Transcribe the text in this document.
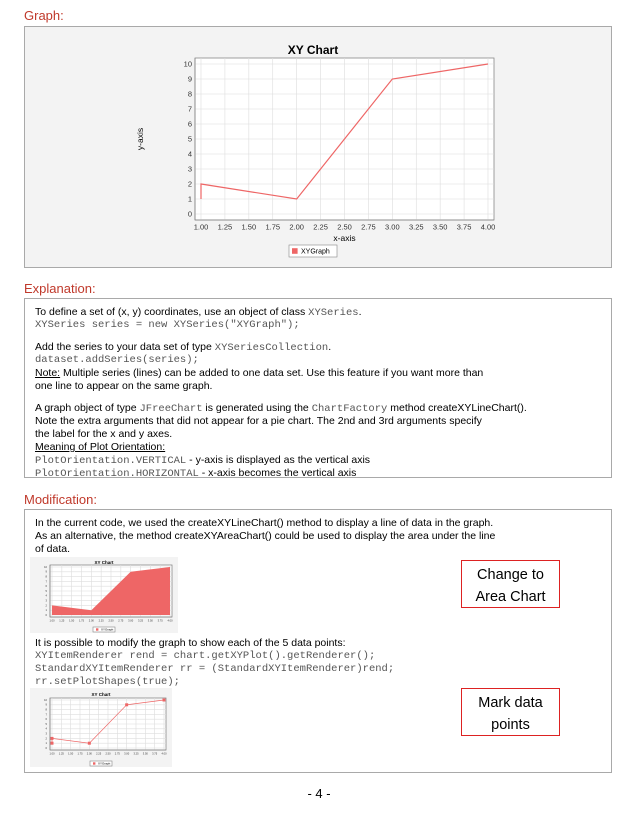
Graph:
XY Chart
0
1
2
3
4
5
6
7
8
9
10
1.00 1.25 1.50 1.75 2.00 2.25 2.50 2.75 3.00 3.25 3.50 3.75 4.00
x-axis
y-axis
XYGraph
Explanation:
To define a set of (x, y) coordinates, use an object of class XYSeries.
XYSeries series = new XYSeries("XYGraph");
Add the series to your data set of type XYSeriesCollection.
dataset.addSeries(series);
Note: Multiple series (lines) can be added to one data set. Use this feature if you want more than
one line to appear on the same graph.
A graph object of type JFreeChart is generated using the ChartFactory method createXYLineChart().
Note the extra arguments that did not appear for a pie chart. The 2nd and 3rd arguments specify
the label for the x and y axes.
Meaning of Plot Orientation:
PlotOrientation.VERTICAL - y-axis is displayed as the vertical axis
PlotOrientation.HORIZONTAL - x-axis becomes the vertical axis
Modification:
In the current code, we used the createXYLineChart() method to display a line of data in the graph.
As an alternative, the method createXYAreaChart() could be used to display the area under the line
of data.
XY Chart
0
1
2
3
4
5
6
7
8
9
10
1.00 1.25 1.50 1.75 2.00 2.25 2.50 2.75 3.00 3.25 3.50 3.75 4.00
XYGraph
It is possible to modify the graph to show each of the 5 data points:
XYItemRenderer rend = chart.getXYPlot().getRenderer();
StandardXYItemRenderer rr = (StandardXYItemRenderer)rend;
rr.setPlotShapes(true);
XY Chart
0
1
2
3
4
5
6
7
8
9
10
1.00 1.25 1.50 1.75 2.00 2.25 2.50 2.75 3.00 3.25 3.50 3.75 4.00
XYGraph
Change to
Area Chart
Mark data
points
- 4 -
